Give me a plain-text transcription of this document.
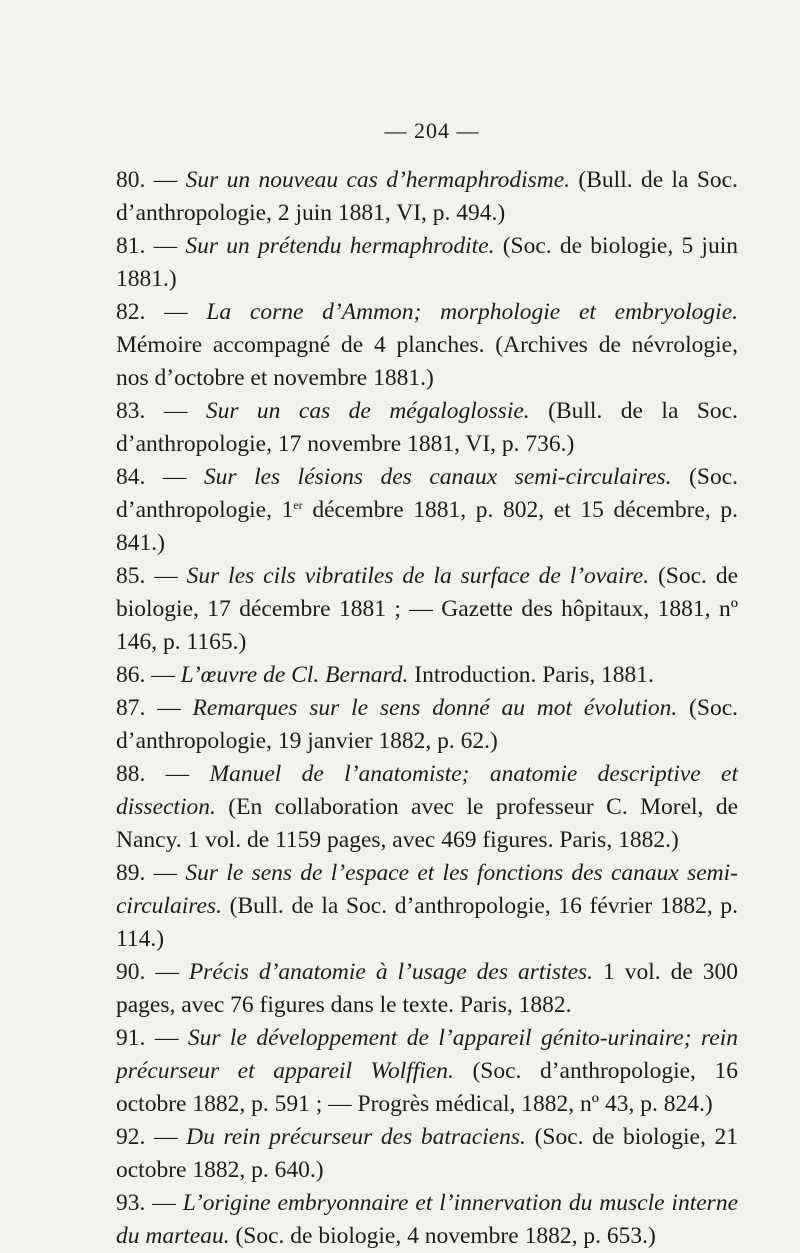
— 204 —

80. — Sur un nouveau cas d’hermaphrodisme. (Bull. de la Soc. d’anthropologie, 2 juin 1881, VI, p. 494.)

81. — Sur un prétendu hermaphrodite. (Soc. de biologie, 5 juin 1881.)

82. — La corne d’Ammon; morphologie et embryologie. Mémoire accompagné de 4 planches. (Archives de névrologie, nos d’octobre et novembre 1881.)

83. — Sur un cas de mégaloglossie. (Bull. de la Soc. d’anthropologie, 17 novembre 1881, VI, p. 736.)

84. — Sur les lésions des canaux semi-circulaires. (Soc. d’anthropologie, 1er décembre 1881, p. 802, et 15 décembre, p. 841.)

85. — Sur les cils vibratiles de la surface de l’ovaire. (Soc. de biologie, 17 décembre 1881 ; — Gazette des hôpitaux, 1881, nº 146, p. 1165.)

86. — L’œuvre de Cl. Bernard. Introduction. Paris, 1881.

87. — Remarques sur le sens donné au mot évolution. (Soc. d’anthropologie, 19 janvier 1882, p. 62.)

88. — Manuel de l’anatomiste; anatomie descriptive et dissection. (En collaboration avec le professeur C. Morel, de Nancy. 1 vol. de 1159 pages, avec 469 figures. Paris, 1882.)

89. — Sur le sens de l’espace et les fonctions des canaux semi-circulaires. (Bull. de la Soc. d’anthropologie, 16 février 1882, p. 114.)

90. — Précis d’anatomie à l’usage des artistes. 1 vol. de 300 pages, avec 76 figures dans le texte. Paris, 1882.

91. — Sur le développement de l’appareil génito-urinaire; rein précurseur et appareil Wolffien. (Soc. d’anthropologie, 16 octobre 1882, p. 591 ; — Progrès médical, 1882, nº 43, p. 824.)

92. — Du rein précurseur des batraciens. (Soc. de biologie, 21 octobre 1882, p. 640.)

93. — L’origine embryonnaire et l’innervation du muscle interne du marteau. (Soc. de biologie, 4 novembre 1882, p. 653.)
